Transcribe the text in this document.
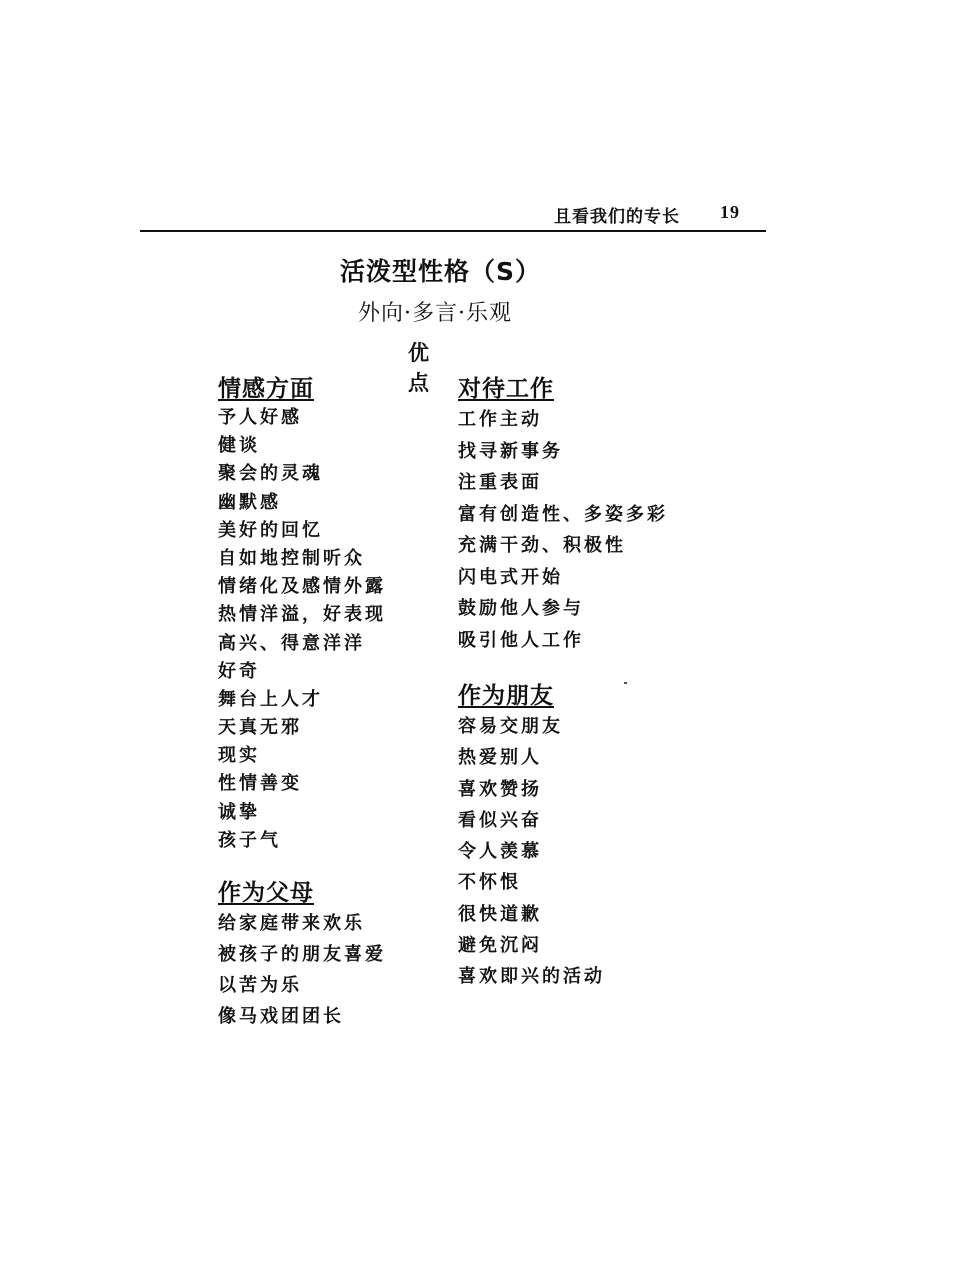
且看我们的专长 19
活泼型性格（S）
外向·多言·乐观
优点
情感方面
予人好感
健谈
聚会的灵魂
幽默感
美好的回忆
自如地控制听众
情绪化及感情外露
热情洋溢，好表现
高兴、得意洋洋
好奇
舞台上人才
天真无邪
现实
性情善变
诚挚
孩子气
对待工作
工作主动
找寻新事务
注重表面
富有创造性、多姿多彩
充满干劲、积极性
闪电式开始
鼓励他人参与
吸引他人工作
作为朋友
容易交朋友
热爱别人
喜欢赞扬
看似兴奋
令人羡慕
不怀恨
很快道歉
避免沉闷
喜欢即兴的活动
作为父母
给家庭带来欢乐
被孩子的朋友喜爱
以苦为乐
像马戏团团长
